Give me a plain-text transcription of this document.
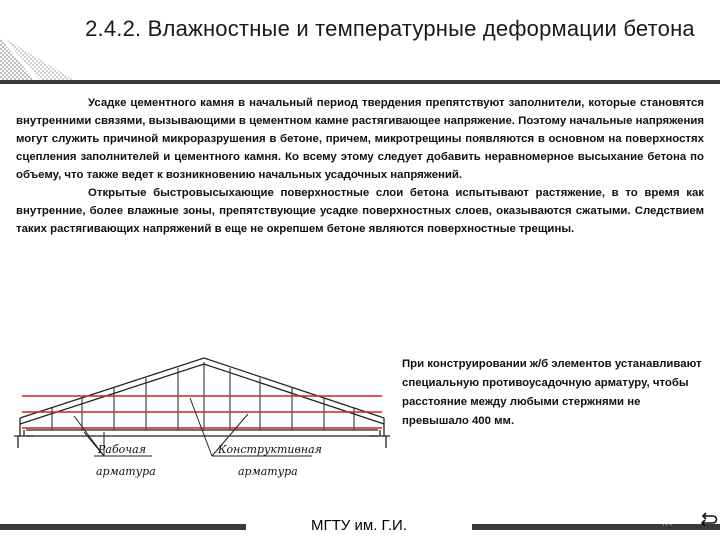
2.4.2. Влажностные и температурные деформации бетона

Усадке цементного камня в начальный период твердения препятствуют заполнители, которые становятся внутренними связями, вызывающими в цементном камне растягивающее напряжение. Поэтому начальные напряжения могут служить причиной микроразрушения в бетоне, причем, микротрещины появляются в основном на поверхностях сцепления заполнителей и цементного камня. Ко всему этому следует добавить неравномерное высыхание бетона по объему, что также ведет к возникновению начальных усадочных напряжений.

Открытые быстровысыхающие поверхностные слои бетона испытывают растяжение, в то время как внутренние, более влажные зоны, препятствующие усадке поверхностных слоев, оказываются сжатыми. Следствием таких растягивающих напряжений в еще не окрепшем бетоне являются поверхностные трещины.

Рабочая
арматура
Конструктивная
арматура
При конструировании ж/б элементов устанавливают специальную противоусадочную арматуру, чтобы расстояние между любыми стержнями не превышало 400 мм.
МГТУ им. Г.И.	К содержанию
